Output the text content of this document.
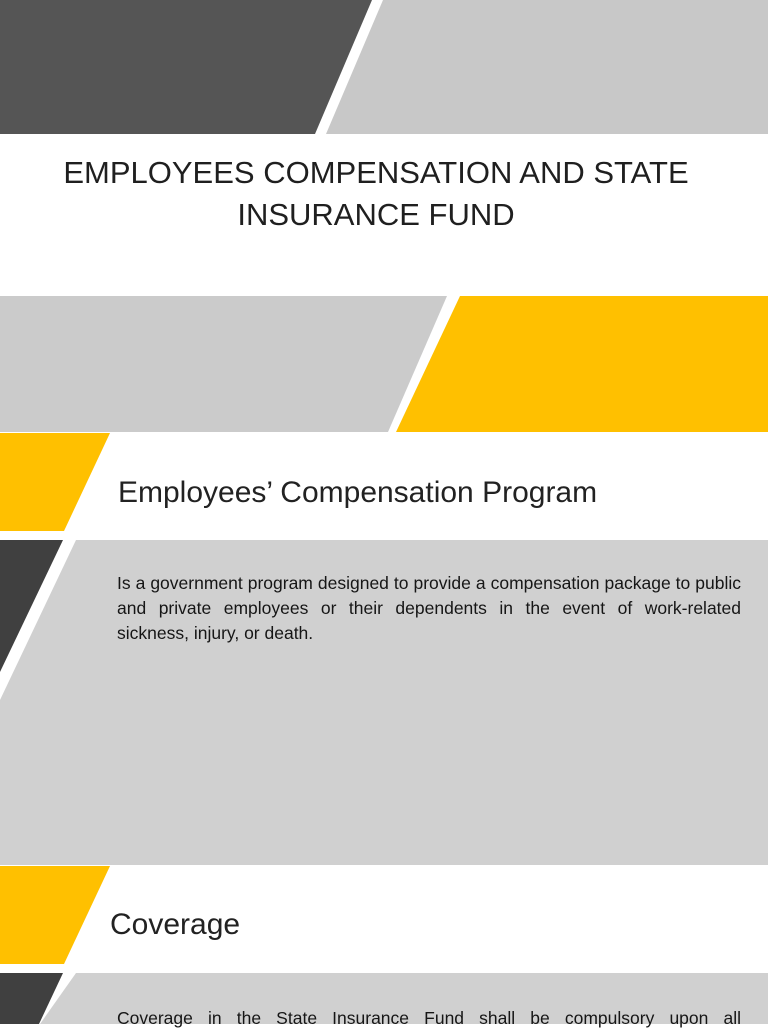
EMPLOYEES COMPENSATION AND STATE INSURANCE FUND
Employees’ Compensation Program

Is a government program designed to provide a compensation package to public and private employees or their dependents in the event of work-related sickness, injury, or death.

Coverage

Coverage in the State Insurance Fund shall be compulsory upon all
